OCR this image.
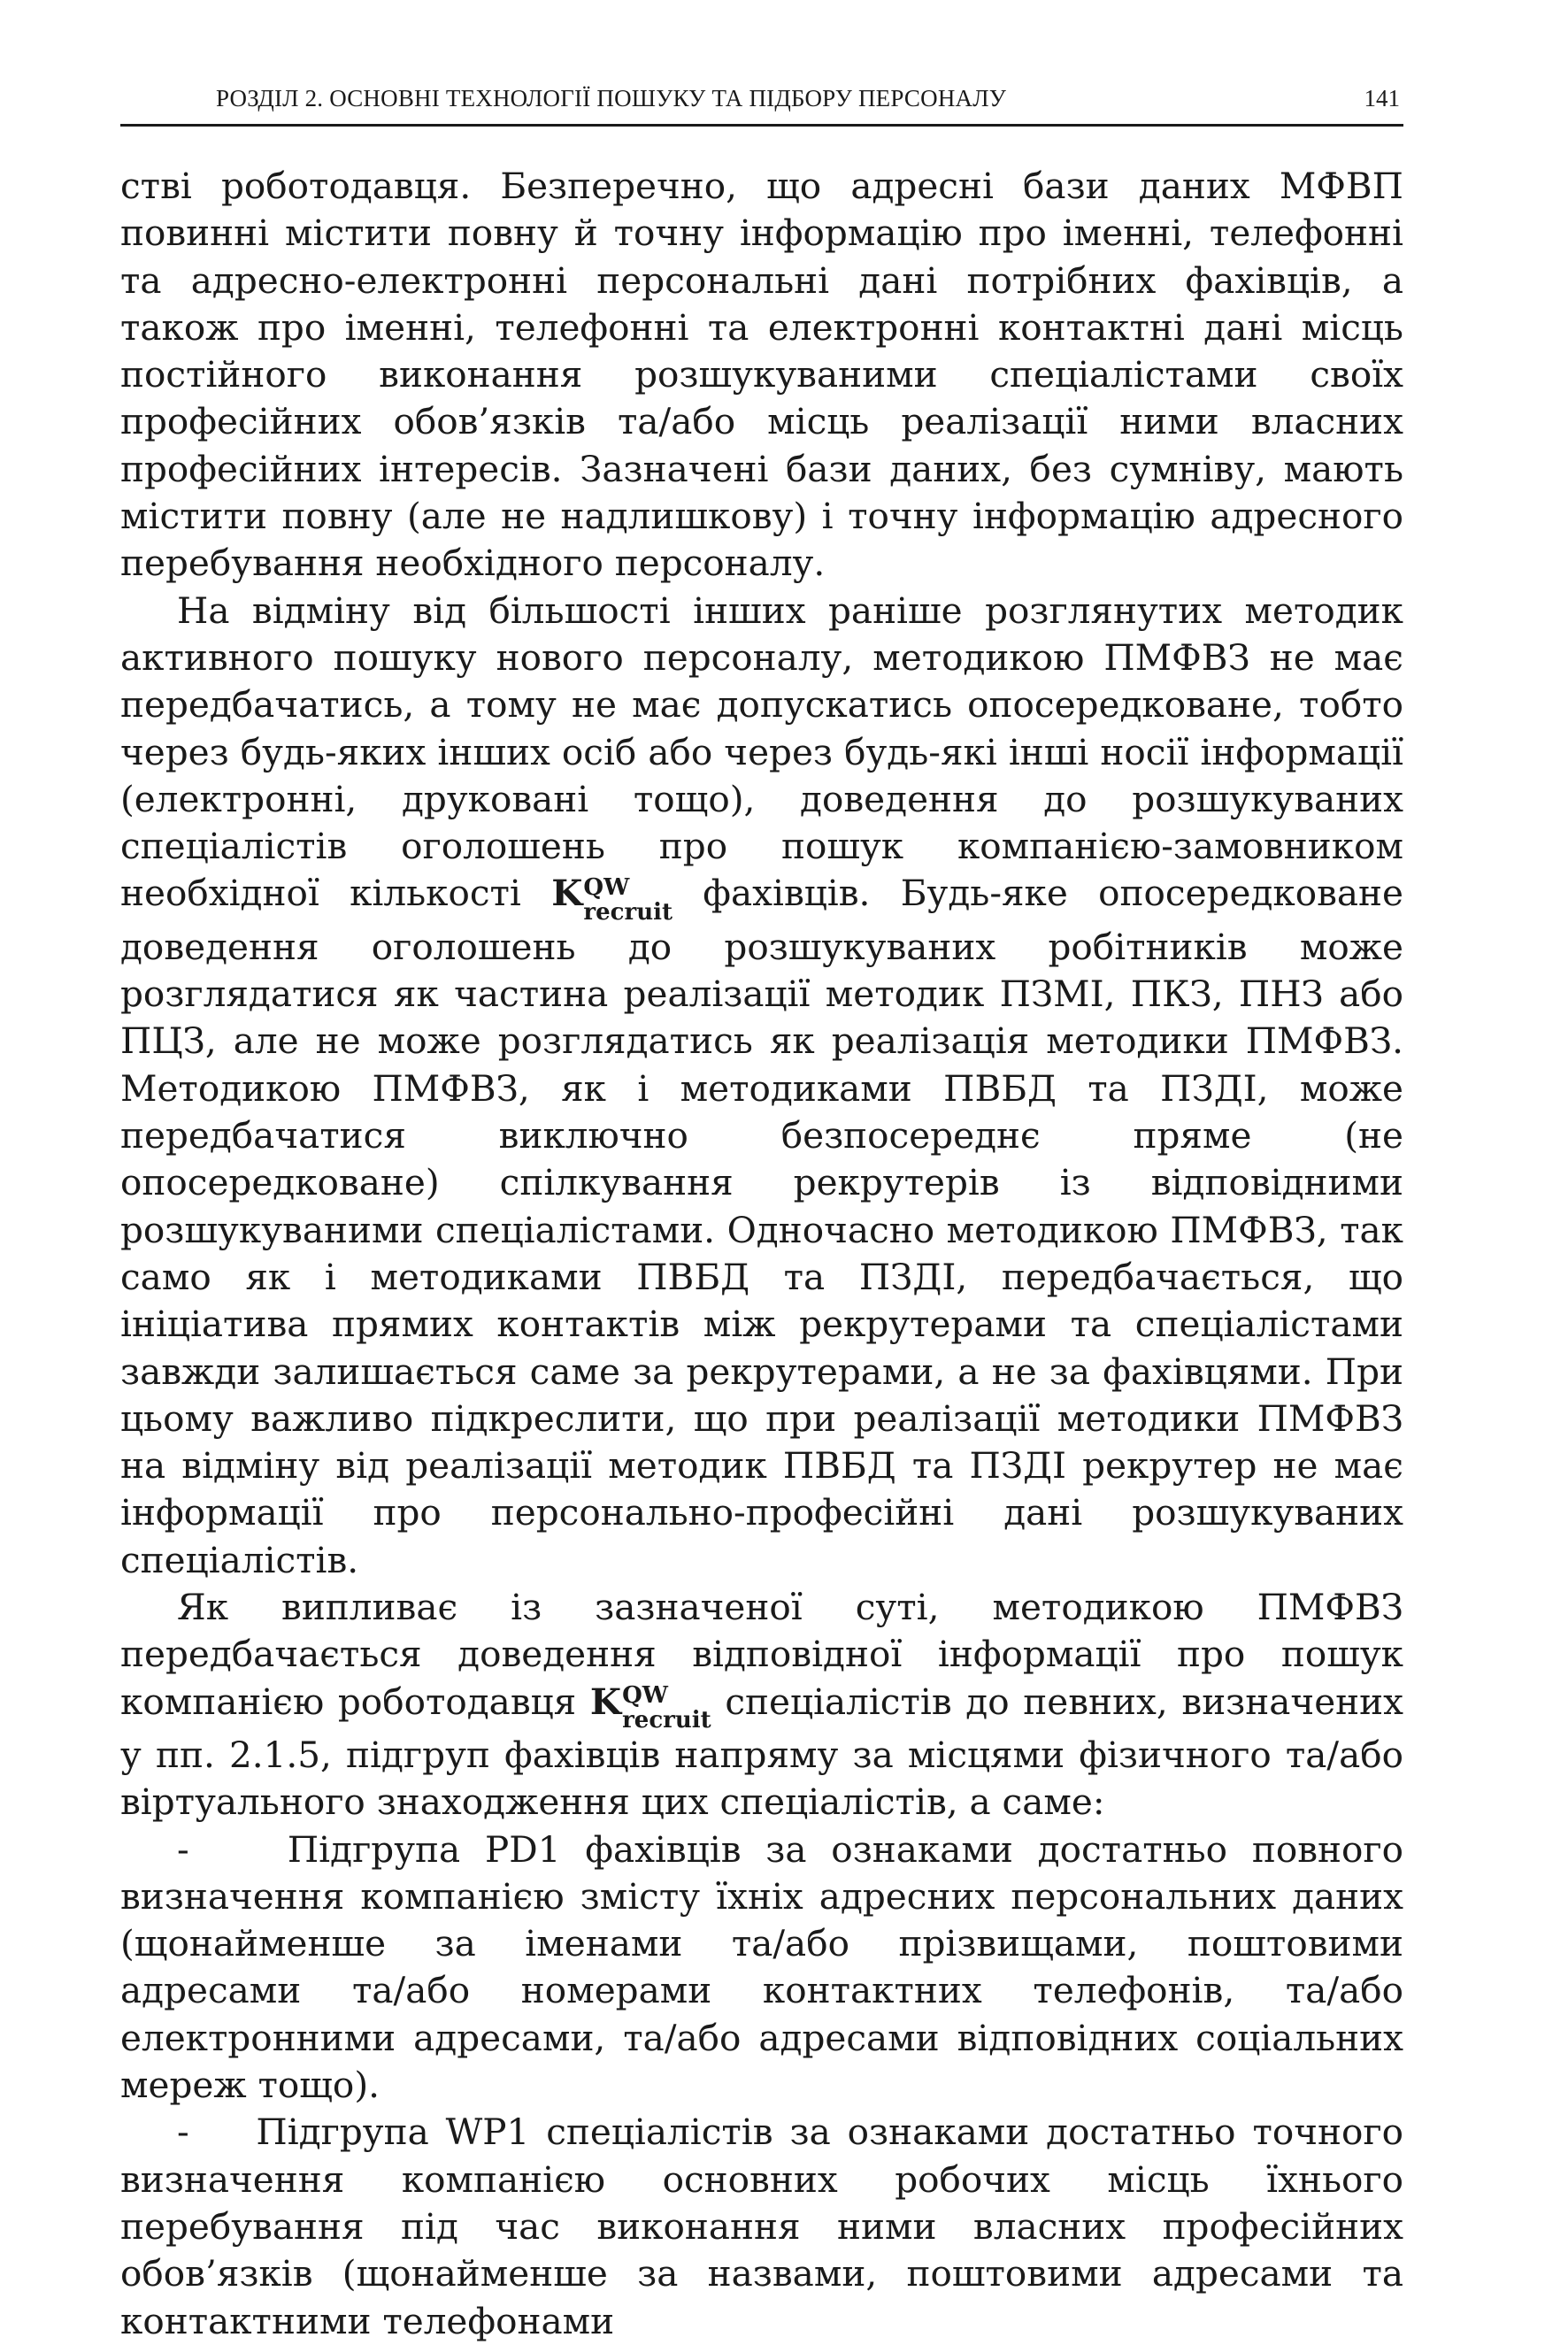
РОЗДІЛ 2. ОСНОВНІ ТЕХНОЛОГІЇ ПОШУКУ ТА ПІДБОРУ ПЕРСОНАЛУ	141

стві роботодавця. Безперечно, що адресні бази даних МФВП повинні містити повну й точну інформацію про іменні, телефонні та адресно-електронні персональні дані потрібних фахівців, а також про іменні, телефонні та електронні контактні дані місць постійного виконання розшукуваними спеціалістами своїх професійних обов’язків та/або місць реалізації ними власних професійних інтересів. Зазначені бази даних, без сумніву, мають містити повну (але не надлишкову) і точну інформацію адресного перебування необхідного персоналу.

На відміну від більшості інших раніше розглянутих методик активного пошуку нового персоналу, методикою ПМФВЗ не має передбачатись, а тому не має допускатись опосередковане, тобто через будь-яких інших осіб або через будь-які інші носії інформації (електронні, друковані тощо), доведення до розшукуваних спеціалістів оголошень про пошук компанією-замовником необхідної кількості K QW
recruit фахівців. Будь-яке опосередковане доведення оголошень до розшукуваних робітників може розглядатися як частина реалізації методик ПЗМІ, ПКЗ, ПНЗ або ПЦЗ, але не може розглядатись як реалізація методики ПМФВЗ. Методикою ПМФВЗ, як і методиками ПВБД та ПЗДІ, може передбачатися виключно безпосереднє пряме (не опосередковане) спілкування рекрутерів із відповідними розшукуваними спеціалістами. Одночасно методикою ПМФВЗ, так само як і методиками ПВБД та ПЗДІ, передбачається, що ініціатива прямих контактів між рекрутерами та спеціалістами завжди залишається саме за рекрутерами, а не за фахівцями. При цьому важливо підкреслити, що при реалізації методики ПМФВЗ на відміну від реалізації методик ПВБД та ПЗДІ рекрутер не має інформації про персонально-професійні дані розшукуваних спеціалістів.

Як випливає із зазначеної суті, методикою ПМФВЗ передбачається доведення відповідної інформації про пошук компанією роботодавця K QW
recruit спеціалістів до певних, визначених у пп. 2.1.5, підгруп фахівців напряму за місцями фізичного та/або віртуального знаходження цих спеціалістів, а саме:

-	Підгрупа PD1 фахівців за ознаками достатньо повного визначення компанією змісту їхніх адресних персональних даних (щонайменше за іменами та/або прізвищами, поштовими адресами та/або номерами контактних телефонів, та/або електронними адресами, та/або адресами відповідних соціальних мереж тощо).

- Підгрупа WP1 спеціалістів за ознаками достатньо точного визначення компанією основних робочих місць їхнього перебування під час виконання ними власних професійних обов’язків (щонайменше за назвами, поштовими адресами та контактними телефонами
